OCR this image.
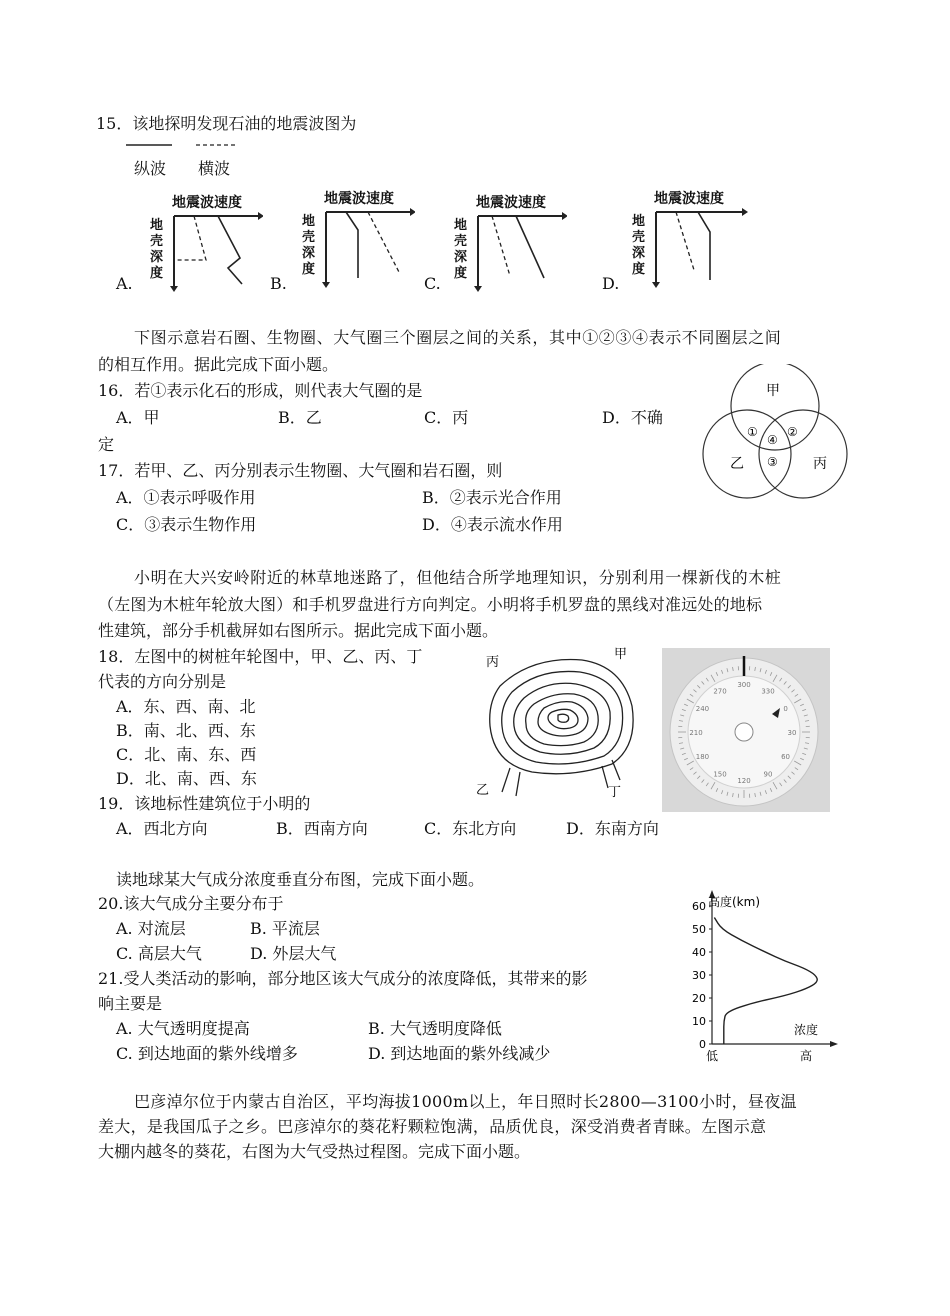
15．该地探明发现石油的地震波图为
纵波 横波
地震波速度
地
壳
深
度
A.
地震波速度
地
壳
深
度
B.
地震波速度
地
壳
深
度
C.
地震波速度
地
壳
深
度
D.
下图示意岩石圈、生物圈、大气圈三个圈层之间的关系，其中①②③④表示不同圈层之间
的相互作用。据此完成下面小题。
16．若①表示化石的形成，则代表大气圈的是
A．甲	B．乙	C．丙	D．不确
定
17．若甲、乙、丙分别表示生物圈、大气圈和岩石圈，则
A．①表示呼吸作用	B．②表示光合作用
C．③表示生物作用	D．④表示流水作用
甲
乙	丙
①
④
②
③
小明在大兴安岭附近的林草地迷路了，但他结合所学地理知识，分别利用一棵新伐的木桩
（左图为木桩年轮放大图）和手机罗盘进行方向判定。小明将手机罗盘的黑线对准远处的地标
性建筑，部分手机截屏如右图所示。据此完成下面小题。
18．左图中的树桩年轮图中，甲、乙、丙、丁
代表的方向分别是
A．东、西、南、北
B．南、北、西、东
C．北、南、东、西
D．北、南、西、东
丙
甲
乙	丁
300
330
0
30
60
90
120
150
180
210
240
270
19．该地标性建筑位于小明的
A．西北方向	B．西南方向	C．东北方向	D．东南方向
读地球某大气成分浓度垂直分布图，完成下面小题。
20.该大气成分主要分布于
A. 对流层	B. 平流层
C. 高层大气	D. 外层大气
21.受人类活动的影响，部分地区该大气成分的浓度降低，其带来的影
响主要是
A. 大气透明度提高	B. 大气透明度降低
C. 到达地面的紫外线增多	D. 到达地面的紫外线减少
高度(km)
浓度
低	高
0
10
20
30
40
50
60
巴彦淖尔位于内蒙古自治区，平均海拔1000m以上，年日照时长2800—3100小时，昼夜温
差大，是我国瓜子之乡。巴彦淖尔的葵花籽颗粒饱满，品质优良，深受消费者青睐。左图示意
大棚内越冬的葵花，右图为大气受热过程图。完成下面小题。
